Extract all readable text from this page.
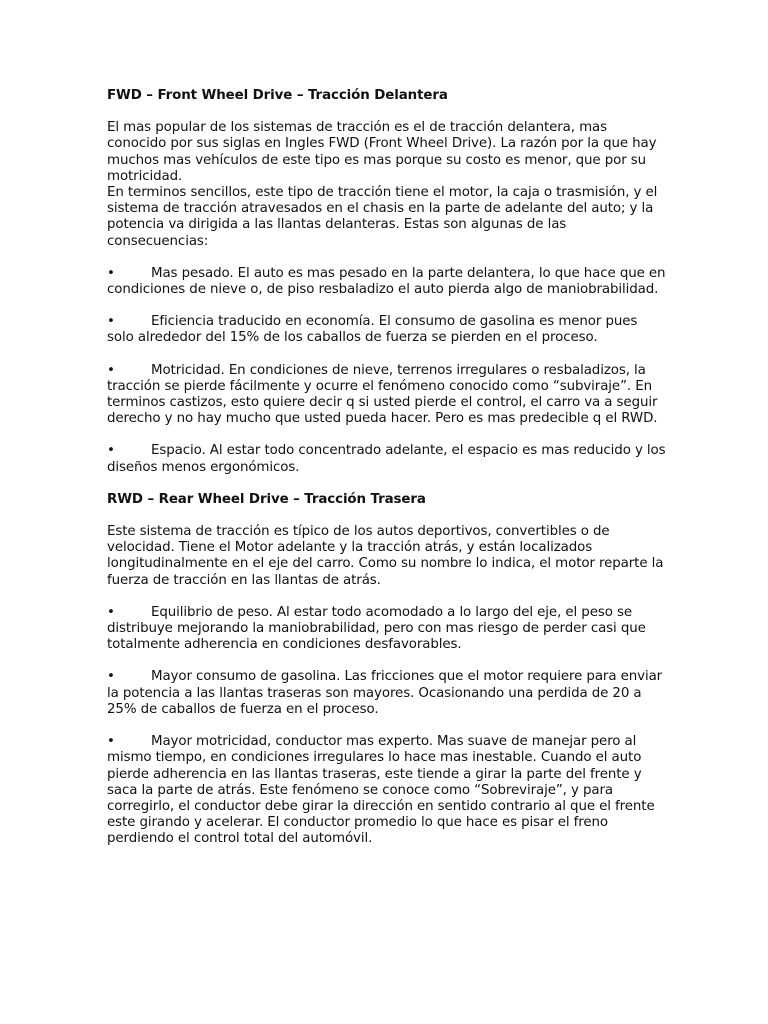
FWD – Front Wheel Drive – Tracción Delantera

El mas popular de los sistemas de tracción es el de tracción delantera, mas conocido por sus siglas en Ingles FWD (Front Wheel Drive). La razón por la que hay muchos mas vehículos de este tipo es mas porque su costo es menor, que por su motricidad.

En terminos sencillos, este tipo de tracción tiene el motor, la caja o trasmisión, y el sistema de tracción atravesados en el chasis en la parte de adelante del auto; y la potencia va dirigida a las llantas delanteras. Estas son algunas de las consecuencias:

•	Mas pesado. El auto es mas pesado en la parte delantera, lo que hace que en condiciones de nieve o, de piso resbaladizo el auto pierda algo de maniobrabilidad.

•	Eficiencia traducido en economía. El consumo de gasolina es menor pues solo alrededor del 15% de los caballos de fuerza se pierden en el proceso.

•	Motricidad. En condiciones de nieve, terrenos irregulares o resbaladizos, la tracción se pierde fácilmente y ocurre el fenómeno conocido como “subviraje”. En terminos castizos, esto quiere decir q si usted pierde el control, el carro va a seguir derecho y no hay mucho que usted pueda hacer. Pero es mas predecible q el RWD.

•	Espacio. Al estar todo concentrado adelante, el espacio es mas reducido y los diseños menos ergonómicos.

RWD – Rear Wheel Drive – Tracción Trasera

Este sistema de tracción es típico de los autos deportivos, convertibles o de velocidad. Tiene el Motor adelante y la tracción atrás, y están localizados longitudinalmente en el eje del carro. Como su nombre lo indica, el motor reparte la fuerza de tracción en las llantas de atrás.

•	Equilibrio de peso. Al estar todo acomodado a lo largo del eje, el peso se distribuye mejorando la maniobrabilidad, pero con mas riesgo de perder casi que totalmente adherencia en condiciones desfavorables.

•	Mayor consumo de gasolina. Las fricciones que el motor requiere para enviar la potencia a las llantas traseras son mayores. Ocasionando una perdida de 20 a 25% de caballos de fuerza en el proceso.

•	Mayor motricidad, conductor mas experto. Mas suave de manejar pero al mismo tiempo, en condiciones irregulares lo hace mas inestable. Cuando el auto pierde adherencia en las llantas traseras, este tiende a girar la parte del frente y saca la parte de atrás. Este fenómeno se conoce como “Sobreviraje”, y para corregirlo, el conductor debe girar la dirección en sentido contrario al que el frente este girando y acelerar. El conductor promedio lo que hace es pisar el freno perdiendo el control total del automóvil.
